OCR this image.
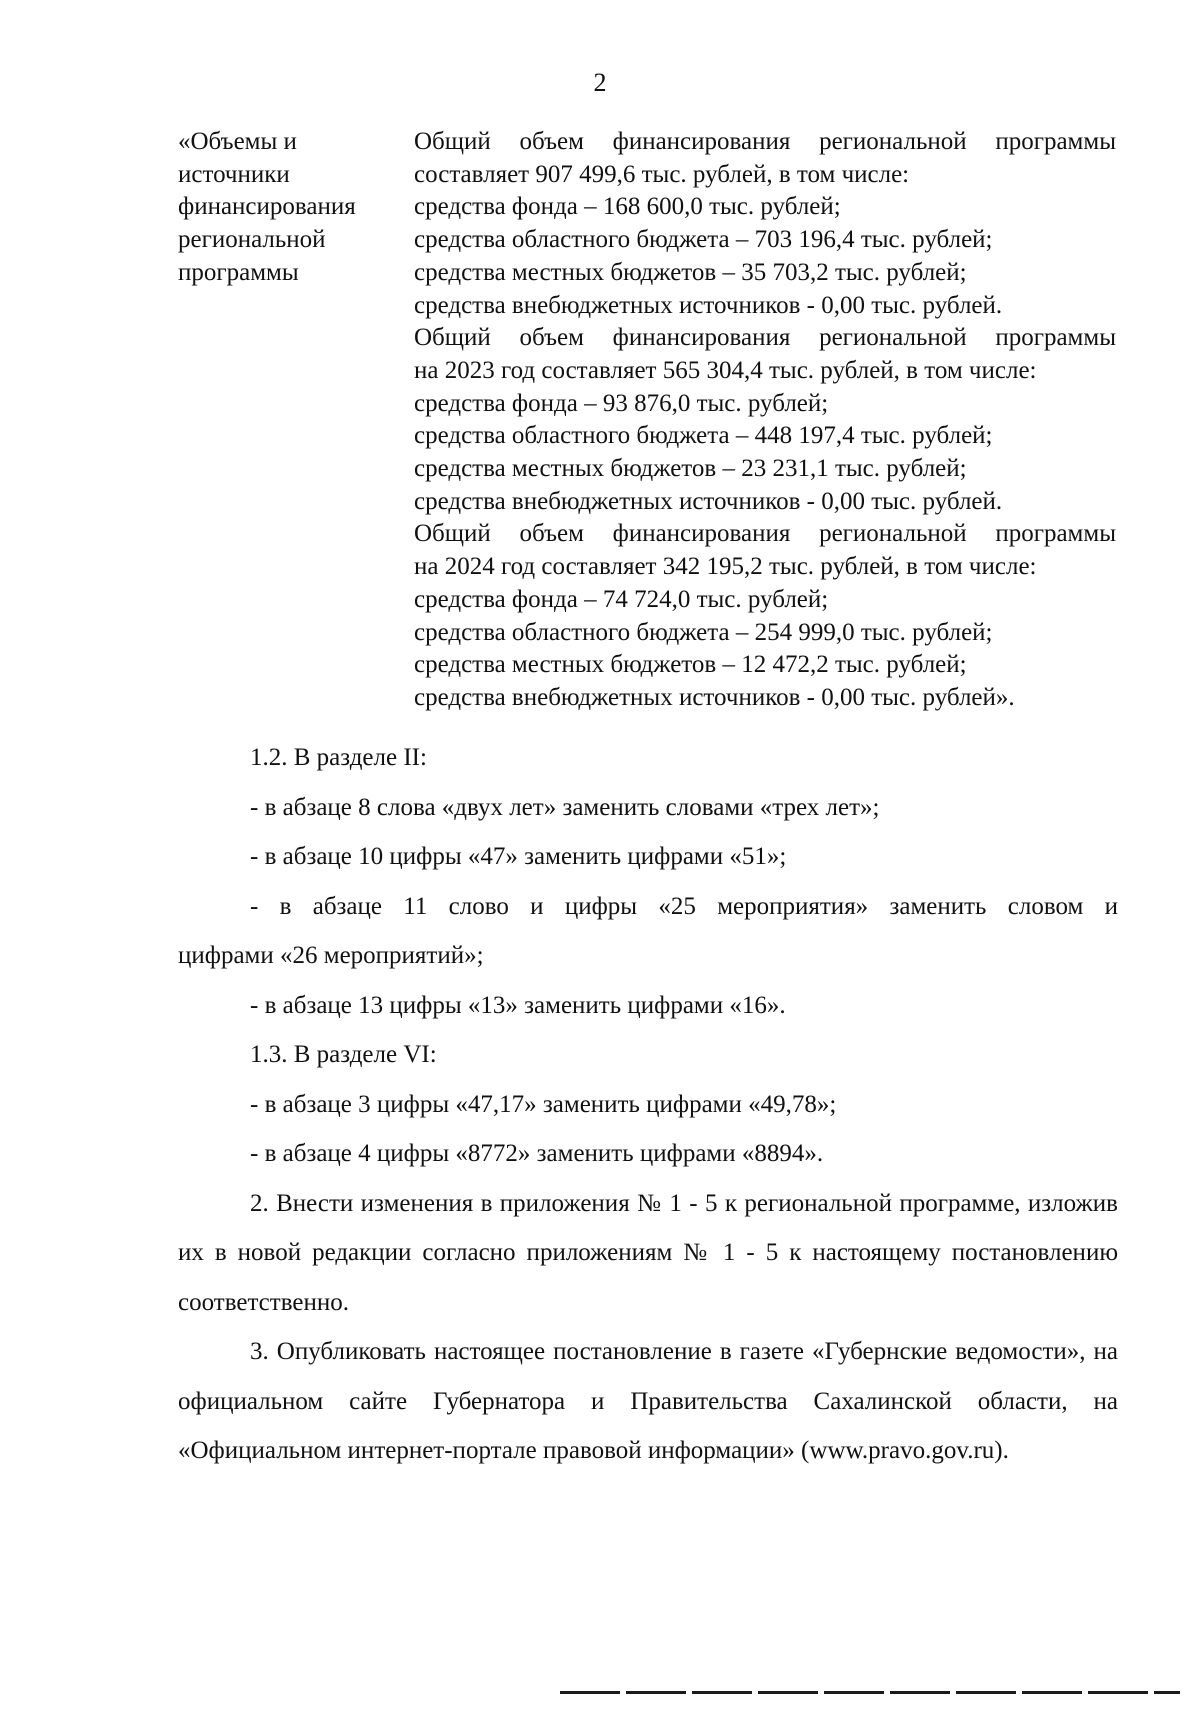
2
«Объемы и
источники
финансирования
региональной
программы
Общий объем финансирования региональной программы
составляет 907 499,6 тыс. рублей, в том числе:
средства фонда – 168 600,0 тыс. рублей;
средства областного бюджета – 703 196,4 тыс. рублей;
средства местных бюджетов – 35 703,2 тыс. рублей;
средства внебюджетных источников - 0,00 тыс. рублей.
Общий объем финансирования региональной программы
на 2023 год составляет 565 304,4 тыс. рублей, в том числе:
средства фонда – 93 876,0 тыс. рублей;
средства областного бюджета – 448 197,4 тыс. рублей;
средства местных бюджетов – 23 231,1 тыс. рублей;
средства внебюджетных источников - 0,00 тыс. рублей.
Общий объем финансирования региональной программы
на 2024 год составляет 342 195,2 тыс. рублей, в том числе:
средства фонда – 74 724,0 тыс. рублей;
средства областного бюджета – 254 999,0 тыс. рублей;
средства местных бюджетов – 12 472,2 тыс. рублей;
средства внебюджетных источников - 0,00 тыс. рублей».

1.2. В разделе II:

- в абзаце 8 слова «двух лет» заменить словами «трех лет»;

- в абзаце 10 цифры «47» заменить цифрами «51»;

- в абзаце 11 слово и цифры «25 мероприятия» заменить словом и

цифрами «26 мероприятий»;

- в абзаце 13 цифры «13» заменить цифрами «16».

1.3. В разделе VI:

- в абзаце 3 цифры «47,17» заменить цифрами «49,78»;

- в абзаце 4 цифры «8772» заменить цифрами «8894».

2. Внести изменения в приложения № 1 - 5 к региональной программе, изложив их в новой редакции согласно приложениям № 1 - 5 к настоящему постановлению соответственно.

3. Опубликовать настоящее постановление в газете «Губернские ведомости», на официальном сайте Губернатора и Правительства Сахалинской области, на «Официальном интернет-портале правовой информации» (www.pravo.gov.ru).
